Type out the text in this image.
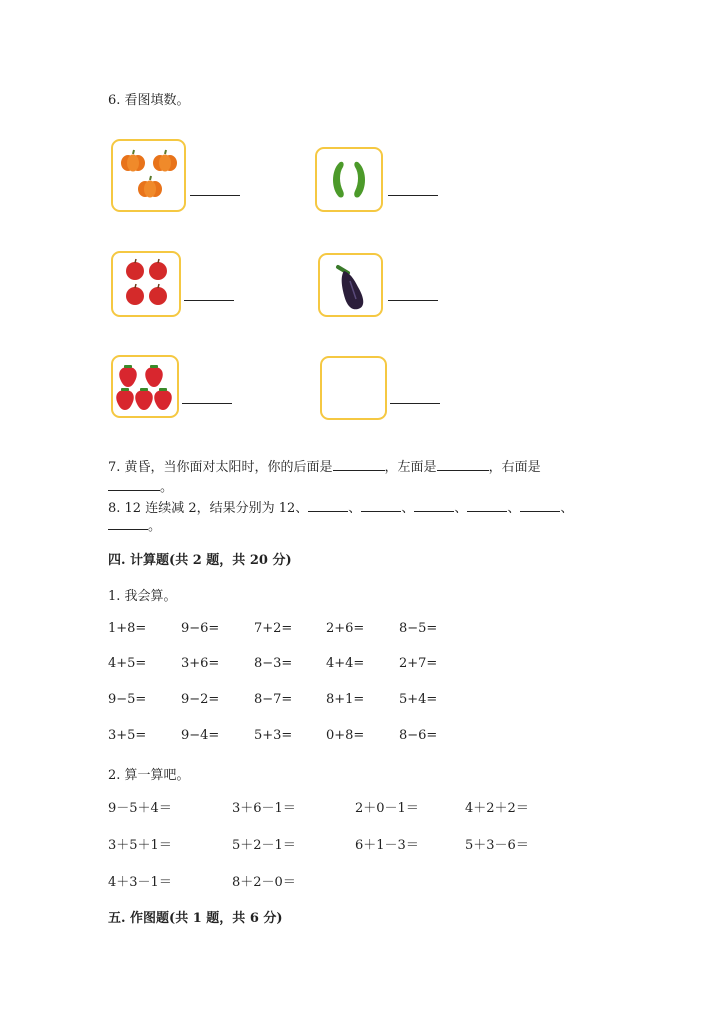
6. 看图填数。
7. 黄昏，当你面对太阳时，你的后面是	，左面是	，右面是
。
8. 12 连续减 2，结果分别为 12、	、	、	、	、	、
。
四. 计算题(共 2 题，共 20 分)
1. 我会算。
1+8=	9−6=	7+2=	2+6=	8−5=
4+5=	3+6=	8−3=	4+4=	2+7=
9−5=	9−2=	8−7=	8+1=	5+4=
3+5=	9−4=	5+3=	0+8=	8−6=
2. 算一算吧。
9－5＋4＝	3＋6－1＝	2＋0－1＝	4＋2＋2＝
3＋5＋1＝	5＋2－1＝	6＋1－3＝	5＋3－6＝
4＋3－1＝	8＋2－0＝
五. 作图题(共 1 题，共 6 分)
